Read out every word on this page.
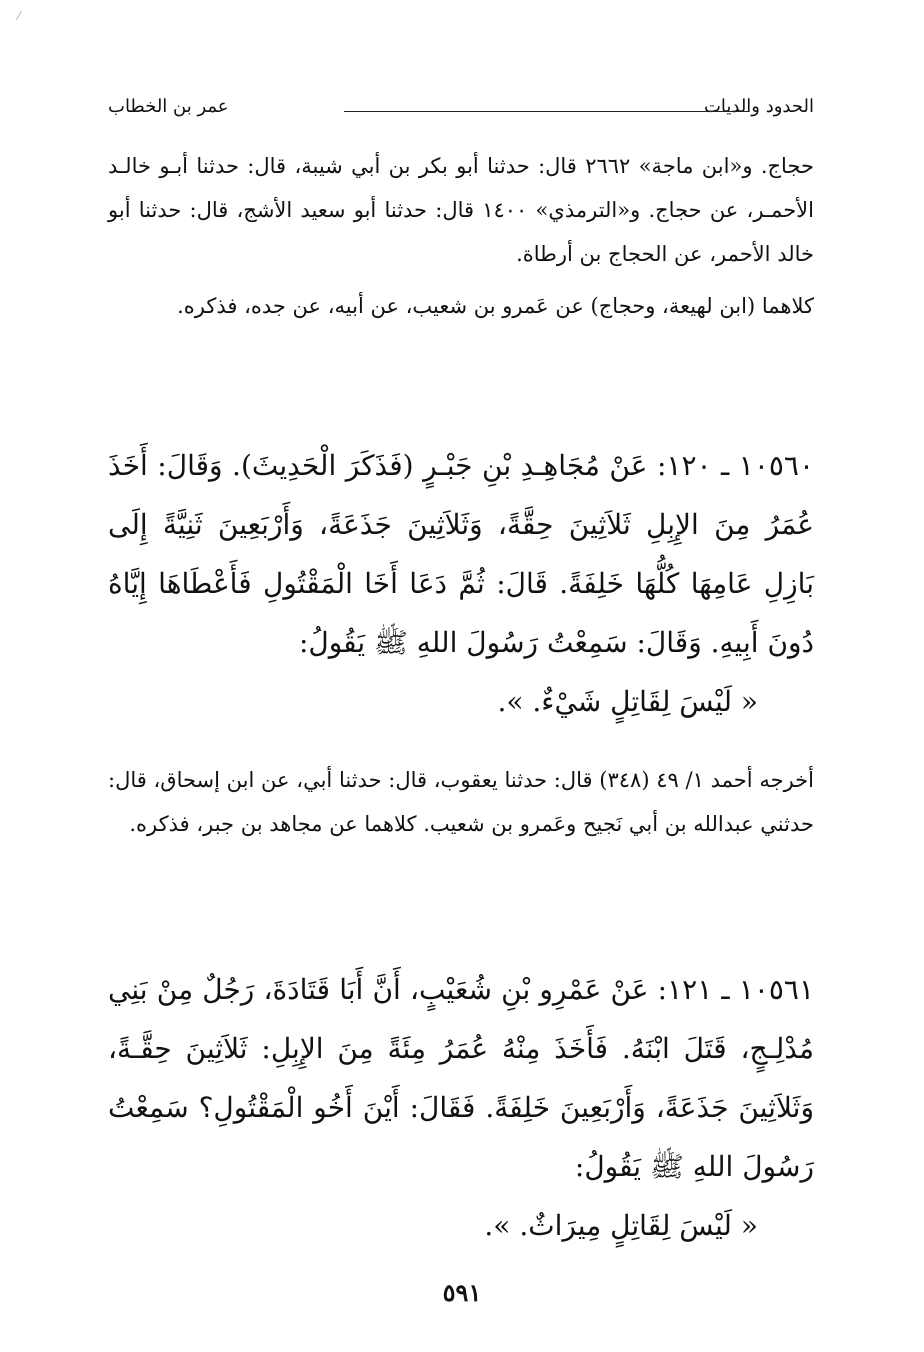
الحدود والديات
عمر بن الخطاب
حجاج. و«ابن ماجة» ٢٦٦٢ قال: حدثنا أبو بكر بن أبي شيبة، قال: حدثنا أبـو خالـد الأحمـر، عن حجاج. و«الترمذي» ١٤٠٠ قال: حدثنا أبو سعيد الأشج، قال: حدثنا أبو خالد الأحمر، عن الحجاج بن أرطاة.
كلاهما (ابن لهيعة، وحجاج) عن عَمرو بن شعيب، عن أبيه، عن جده، فذكره.
١٠٥٦٠ ـ ١٢٠: عَنْ مُجَاهِـدِ بْنِ جَبْـرٍ (فَذَكَرَ الْحَدِيثَ). وَقَالَ: أَخَذَ عُمَرُ مِنَ الإِبِلِ ثَلاَثِينَ حِقَّةً، وَثَلاَثِينَ جَذَعَةً، وَأَرْبَعِينَ ثَنِيَّةً إِلَى بَازِلِ عَامِهَا كُلُّهَا خَلِفَةً. قَالَ: ثُمَّ دَعَا أَخَا الْمَقْتُولِ فَأَعْطَاهَا إِيَّاهُ دُونَ أَبِيهِ. وَقَالَ: سَمِعْتُ رَسُولَ اللهِ ﷺ يَقُولُ:
« لَيْسَ لِقَاتِلٍ شَيْءٌ. ».
أخرجه أحمد ١/ ٤٩ (٣٤٨) قال: حدثنا يعقوب، قال: حدثنا أبي، عن ابن إسحاق، قال: حدثني عبدالله بن أبي نَجيح وعَمرو بن شعيب. كلاهما عن مجاهد بن جبر، فذكره.
١٠٥٦١ ـ ١٢١: عَنْ عَمْرِو بْنِ شُعَيْبٍ، أَنَّ أَبَا قَتَادَةَ، رَجُلٌ مِنْ بَنِي مُدْلِـجٍ، قَتَلَ ابْنَهُ. فَأَخَذَ مِنْهُ عُمَرُ مِئَةً مِنَ الإِبِلِ: ثَلاَثِينَ حِقَّـةً، وَثَلاَثِينَ جَذَعَةً، وَأَرْبَعِينَ خَلِفَةً. فَقَالَ: أَيْنَ أَخُو الْمَقْتُولِ؟ سَمِعْتُ رَسُولَ اللهِ ﷺ يَقُولُ:
« لَيْسَ لِقَاتِلٍ مِيرَاثٌ. ».
٥٩١
